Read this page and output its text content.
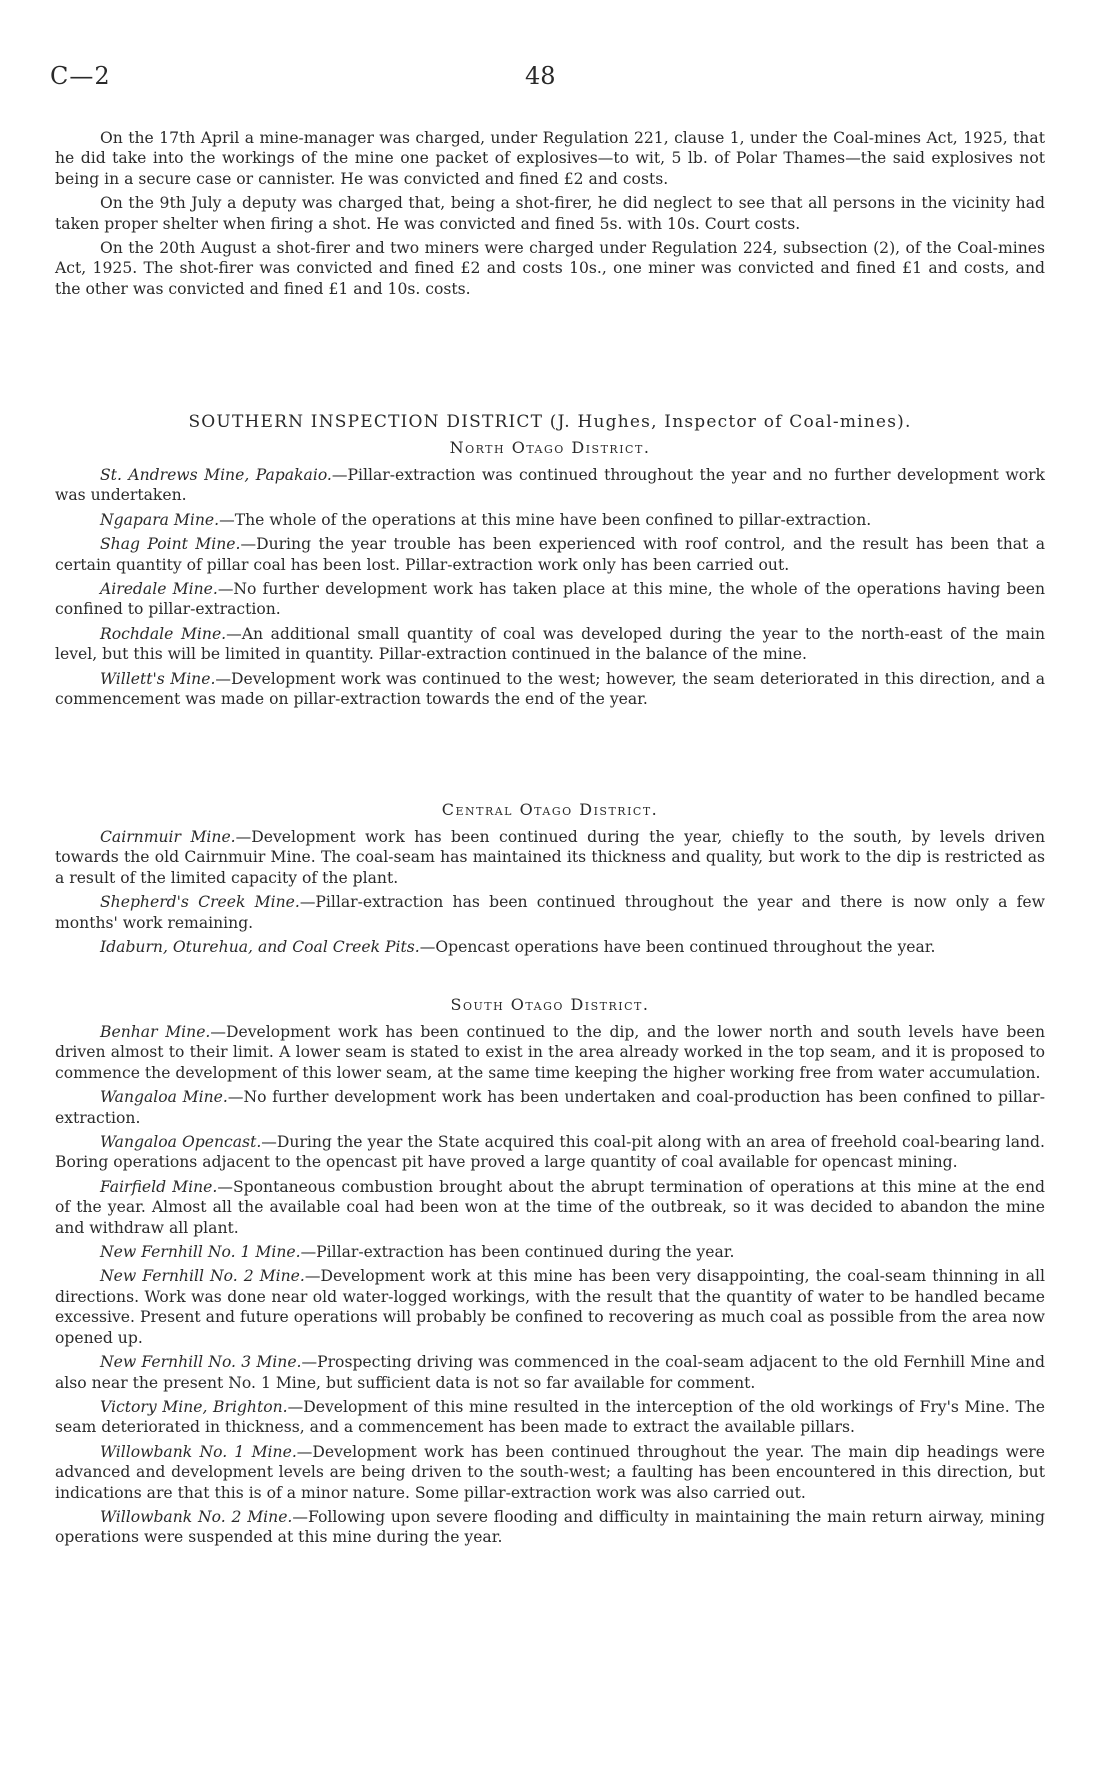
C—2	48

On the 17th April a mine-manager was charged, under Regulation 221, clause 1, under the Coal-mines Act, 1925, that he did take into the workings of the mine one packet of explosives—to wit, 5 lb. of Polar Thames—the said explosives not being in a secure case or cannister. He was convicted and fined £2 and costs.

On the 9th July a deputy was charged that, being a shot-firer, he did neglect to see that all persons in the vicinity had taken proper shelter when firing a shot. He was convicted and fined 5s. with 10s. Court costs.

On the 20th August a shot-firer and two miners were charged under Regulation 224, subsection (2), of the Coal-mines Act, 1925. The shot-firer was convicted and fined £2 and costs 10s., one miner was convicted and fined £1 and costs, and the other was convicted and fined £1 and 10s. costs.

SOUTHERN INSPECTION DISTRICT (J. Hughes, Inspector of Coal-mines).
North Otago District.

St. Andrews Mine, Papakaio.—Pillar-extraction was continued throughout the year and no further development work was undertaken.

Ngapara Mine.—The whole of the operations at this mine have been confined to pillar-extraction.

Shag Point Mine.—During the year trouble has been experienced with roof control, and the result has been that a certain quantity of pillar coal has been lost. Pillar-extraction work only has been carried out.

Airedale Mine.—No further development work has taken place at this mine, the whole of the operations having been confined to pillar-extraction.

Rochdale Mine.—An additional small quantity of coal was developed during the year to the north-east of the main level, but this will be limited in quantity. Pillar-extraction continued in the balance of the mine.

Willett's Mine.—Development work was continued to the west; however, the seam deteriorated in this direction, and a commencement was made on pillar-extraction towards the end of the year.

Central Otago District.

Cairnmuir Mine.—Development work has been continued during the year, chiefly to the south, by levels driven towards the old Cairnmuir Mine. The coal-seam has maintained its thickness and quality, but work to the dip is restricted as a result of the limited capacity of the plant.

Shepherd's Creek Mine.—Pillar-extraction has been continued throughout the year and there is now only a few months' work remaining.

Idaburn, Oturehua, and Coal Creek Pits.—Opencast operations have been continued throughout the year.

South Otago District.

Benhar Mine.—Development work has been continued to the dip, and the lower north and south levels have been driven almost to their limit. A lower seam is stated to exist in the area already worked in the top seam, and it is proposed to commence the development of this lower seam, at the same time keeping the higher working free from water accumulation.

Wangaloa Mine.—No further development work has been undertaken and coal-production has been confined to pillar-extraction.

Wangaloa Opencast.—During the year the State acquired this coal-pit along with an area of freehold coal-bearing land. Boring operations adjacent to the opencast pit have proved a large quantity of coal available for opencast mining.

Fairfield Mine.—Spontaneous combustion brought about the abrupt termination of operations at this mine at the end of the year. Almost all the available coal had been won at the time of the outbreak, so it was decided to abandon the mine and withdraw all plant.

New Fernhill No. 1 Mine.—Pillar-extraction has been continued during the year.

New Fernhill No. 2 Mine.—Development work at this mine has been very disappointing, the coal-seam thinning in all directions. Work was done near old water-logged workings, with the result that the quantity of water to be handled became excessive. Present and future operations will probably be confined to recovering as much coal as possible from the area now opened up.

New Fernhill No. 3 Mine.—Prospecting driving was commenced in the coal-seam adjacent to the old Fernhill Mine and also near the present No. 1 Mine, but sufficient data is not so far available for comment.

Victory Mine, Brighton.—Development of this mine resulted in the interception of the old workings of Fry's Mine. The seam deteriorated in thickness, and a commencement has been made to extract the available pillars.

Willowbank No. 1 Mine.—Development work has been continued throughout the year. The main dip headings were advanced and development levels are being driven to the south-west; a faulting has been encountered in this direction, but indications are that this is of a minor nature. Some pillar-extraction work was also carried out.

Willowbank No. 2 Mine.—Following upon severe flooding and difficulty in maintaining the main return airway, mining operations were suspended at this mine during the year.
